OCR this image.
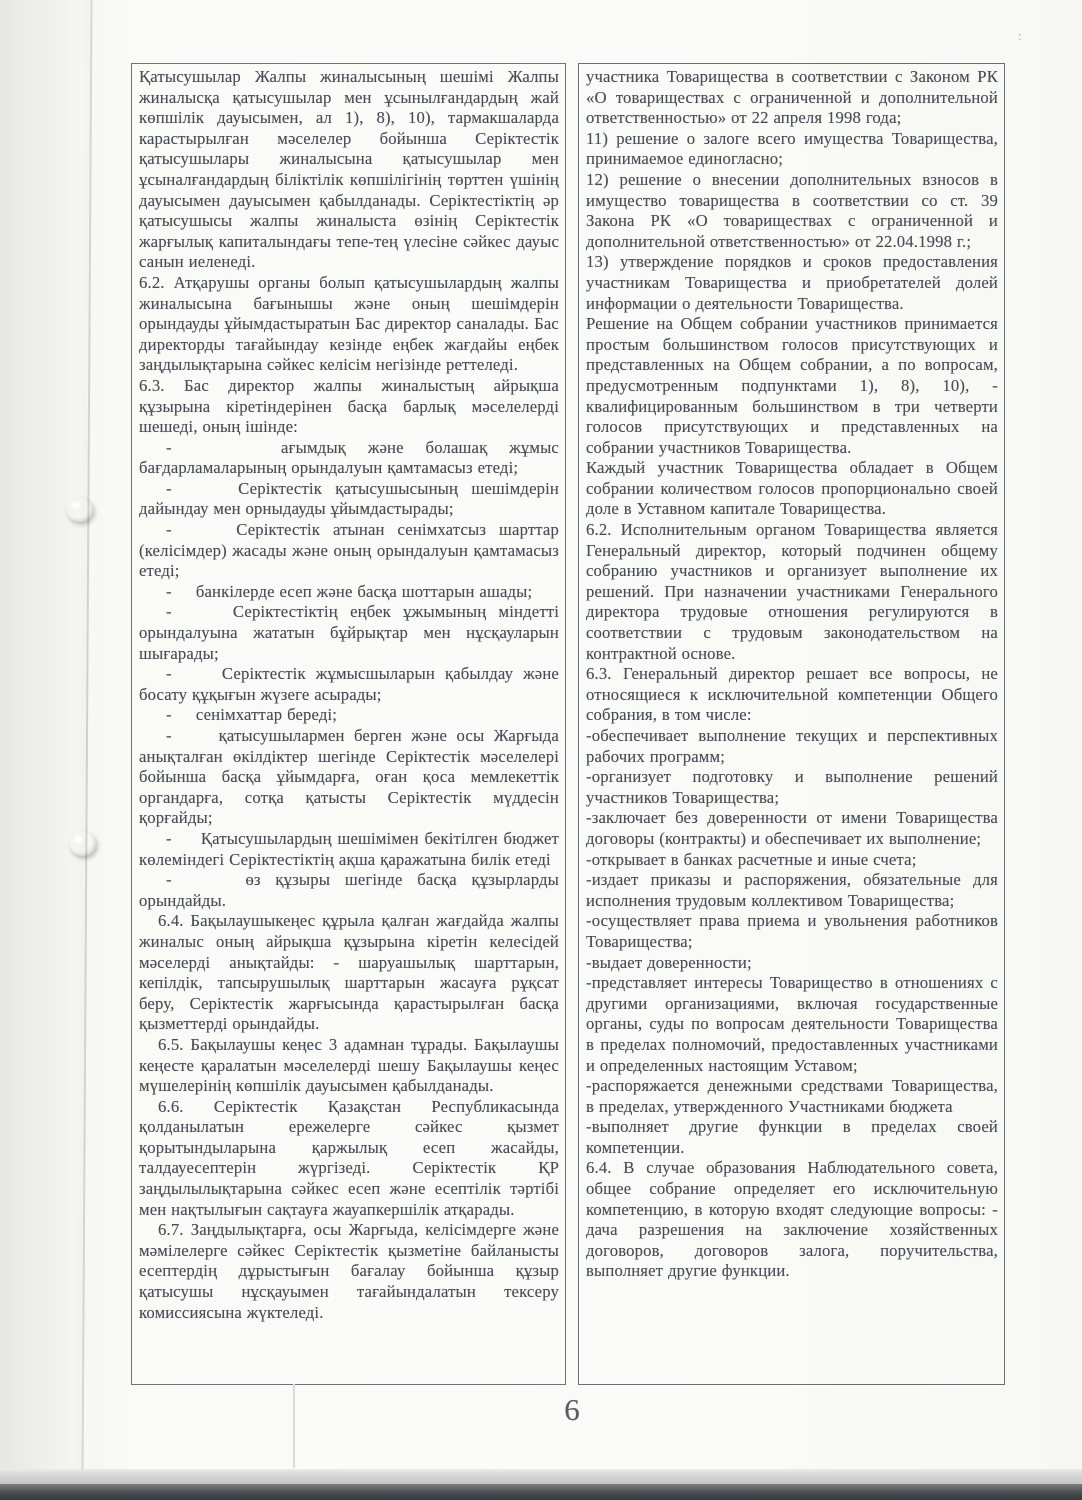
:

Қатысушылар Жалпы жиналысының шешімі Жалпы жиналысқа қатысушылар мен ұсынылғандардың жай көпшілік дауысымен, ал 1), 8), 10), тармакшаларда карастырылған мәселелер бойынша Серіктестік қатысушылары жиналысына қатысушылар мен ұсыналғандардың біліктілік көпшілігінің төрттен үшінің дауысымен дауысымен қабылданады. Серіктестіктің әр қатысушысы жалпы жиналыста өзінің Серіктестік жарғылық капиталындағы тепе-тең үлесіне сәйкес дауыс санын иеленеді.

6.2. Атқарушы органы болып қатысушылардың жалпы жиналысына бағынышы және оның шешімдерін орындауды ұйымдастыратын Бас директор саналады. Бас директорды тағайындау кезінде еңбек жағдайы еңбек заңдылықтарына сәйкес келісім негізінде реттеледі.

6.3. Бас директор жалпы жиналыстың айрықша құзырына кіретіндерінен басқа барлық мәселелерді шешеді, оның ішінде:

-     ағымдық және болашақ жұмыс бағдарламаларының орындалуын қамтамасыз етеді;

-     Серіктестік қатысушысының шешімдерін дайындау мен орныдауды ұйымдастырады;

-     Серіктестік атынан сенімхатсыз шарттар (келісімдер) жасады және оның орындалуын қамтамасыз етеді;

-     банкілерде есеп және басқа шоттарын ашады;

-     Серіктестіктің еңбек ұжымының міндетті орындалуына жататын бұйрықтар мен нұсқауларын шығарады;

-     Серіктестік жұмысшыларын қабылдау және босату құқығын жүзеге асырады;

-     сенімхаттар береді;

-     қатысушылармен берген және осы Жарғыда анықталған өкілдіктер шегінде Серіктестік мәселелері бойынша басқа ұйымдарға, оған қоса мемлекеттік органдарға, сотқа қатысты Серіктестік мүддесін қорғайды;

-     Қатысушылардың шешімімен бекітілген бюджет көлеміндегі Серіктестіктің ақша қаражатына билік етеді

-     өз құзыры шегінде басқа құзырларды орындайды.

6.4. Бақылаушыкеңес құрыла қалған жағдайда жалпы жиналыс оның айрықша құзырына кіретін келесідей мәселерді анықтайды: - шаруашылық шарттарын, кепілдік, тапсырушылық шарттарын жасауға рұқсат беру, Серіктестік жарғысында қарастырылған басқа қызметтерді орындайды.

6.5. Бақылаушы кеңес 3 адамнан тұрады. Бақылаушы кеңесте қаралатын мәселелерді шешу Бақылаушы кеңес мүшелерінің көпшілік дауысымен қабылданады.

6.6. Серіктестік Қазақстан Республикасында қолданылатын ережелерге сәйкес қызмет қорытындыларына қаржылық есеп жасайды, талдауесептерін жүргізеді. Серіктестік ҚР заңдылылықтарына сәйкес есеп және есептілік тәртібі мен нақтылығын сақтауға жауапкершілік атқарады.

6.7. Заңдылықтарға, осы Жарғыда, келісімдерге және мәмілелерге сәйкес Серіктестік қызметіне байланысты есептердің дұрыстығын бағалау бойынша құзыр қатысушы нұсқауымен тағайындалатын тексеру комиссиясына жүктеледі.

участника Товарищества в соответствии с Законом РК «О товариществах с ограниченной и дополнительной ответственностью» от 22 апреля 1998 года;

11) решение о залоге всего имущества Товарищества, принимаемое единогласно;

12) решение о внесении дополнительных взносов в имущество товарищества в соответствии со ст. 39 Закона РК «О товариществах с ограниченной и дополнительной ответственностью» от 22.04.1998 г.;

13) утверждение порядков и сроков предоставления участникам Товарищества и приобретателей долей информации о деятельности Товарищества.

Решение на Общем собрании участников принимается простым большинством голосов присутствующих и представленных на Общем собрании, а по вопросам, предусмотренным подпунктами 1), 8), 10), - квалифицированным большинством в три четверти голосов присутствующих и представленных на собрании участников Товарищества.

Каждый участник Товарищества обладает в Общем собрании количеством голосов пропорционально своей доле в Уставном капитале Товарищества.

6.2. Исполнительным органом Товарищества является Генеральный директор, который подчинен общему собранию участников и организует выполнение их решений. При назначении участниками Генерального директора трудовые отношения регулируются в соответствии с трудовым законодательством на контрактной основе.

6.3. Генеральный директор решает все вопросы, не относящиеся к исключительной компетенции Общего собрания, в том числе:

-обеспечивает выполнение текущих и перспективных рабочих программ;

-организует подготовку и выполнение решений участников Товарищества;

-заключает без доверенности от имени Товарищества договоры (контракты) и обеспечивает их выполнение;

-открывает в банках расчетные и иные счета;

-издает приказы и распоряжения, обязательные для исполнения трудовым коллективом Товарищества;

-осуществляет права приема и увольнения работников Товарищества;

-выдает доверенности;

-представляет интересы Товарищество в отношениях с другими организациями, включая государственные органы, суды по вопросам деятельности Товарищества в пределах полномочий, предоставленных участниками и определенных настоящим Уставом;

-распоряжается денежными средствами Товарищества, в пределах, утвержденного Участниками бюджета

-выполняет другие функции в пределах своей компетенции.

6.4. В случае образования Наблюдательного совета, общее собрание определяет его исключительную компетенцию, в которую входят следующие вопросы: - дача разрешения на заключение хозяйственных договоров, договоров залога, поручительства, выполняет другие функции.

6
